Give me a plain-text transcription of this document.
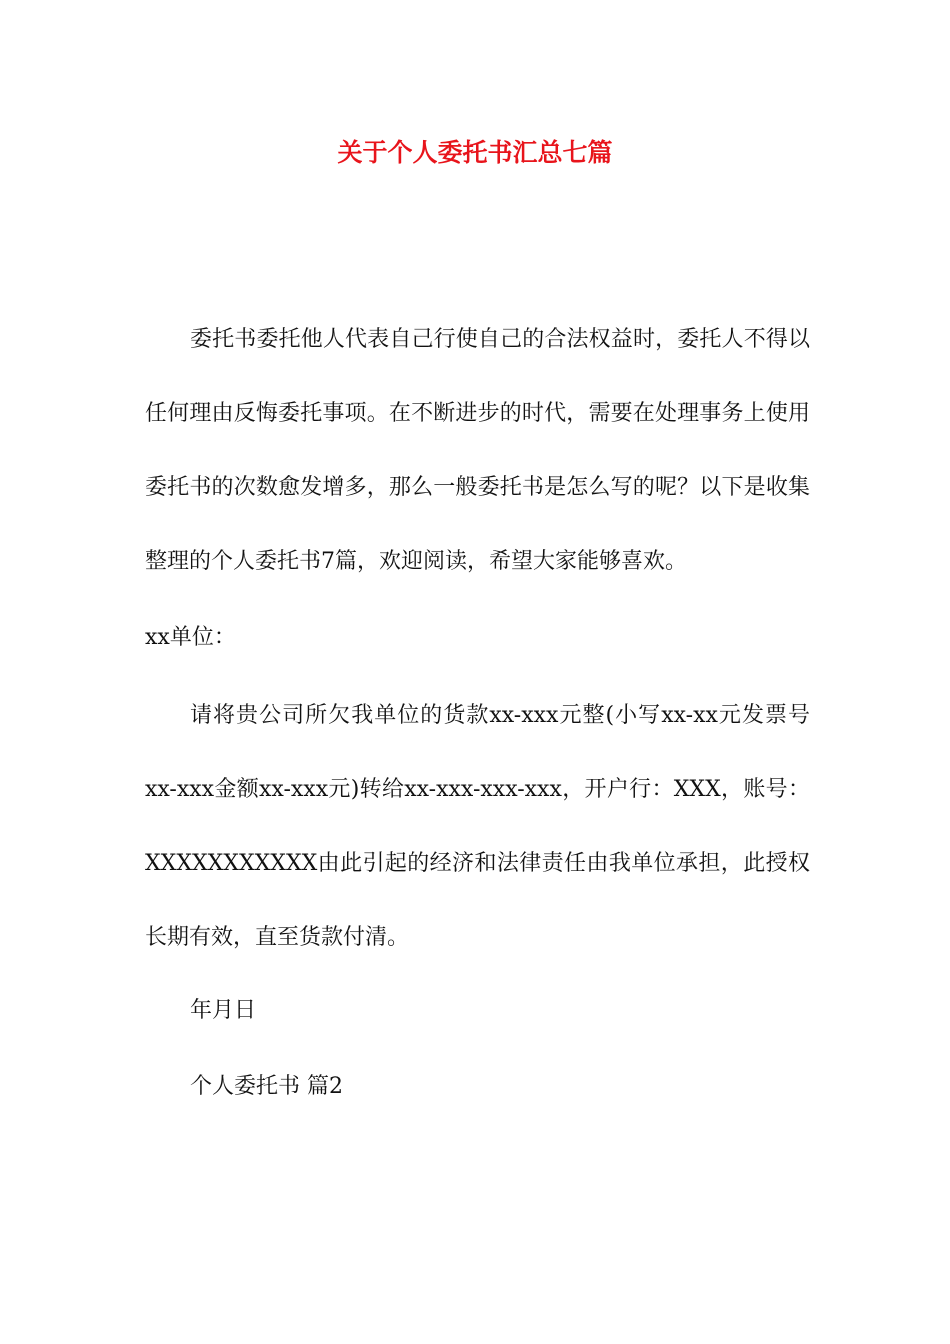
关于个人委托书汇总七篇

委托书委托他人代表自己行使自己的合法权益时，委托人不得以任何理由反悔委托事项。在不断进步的时代，需要在处理事务上使用委托书的次数愈发增多，那么一般委托书是怎么写的呢？以下是收集整理的个人委托书7篇，欢迎阅读，希望大家能够喜欢。

xx单位：

请将贵公司所欠我单位的货款xx-xxx元整(小写xx-xx元发票号xx-xxx金额xx-xxx元)转给xx-xxx-xxx-xxx，开户行：XXX，账号：XXXXXXXXXXX由此引起的经济和法律责任由我单位承担，此授权长期有效，直至货款付清。

年月日

个人委托书 篇2
